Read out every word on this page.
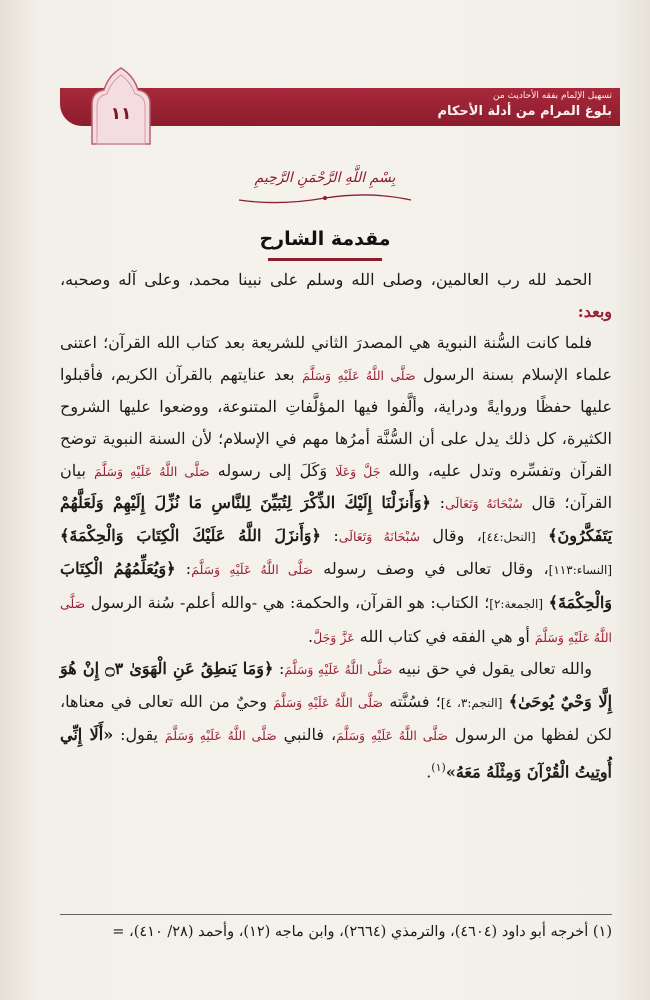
تسهيل الإلمام بفقه الأحاديث من
بلوغ المرام من أدلة الأحكام
١١
بِسْمِ اللَّهِ الرَّحْمَنِ الرَّحِيمِ
مقدمة الشارح

الحمد لله رب العالمين، وصلى الله وسلم على نبينا محمد، وعلى آله وصحبه، وبعد:

فلما كانت السُّنة النبوية هي المصدرَ الثاني للشريعة بعد كتاب الله القرآن؛ اعتنى علماء الإسلام بسنة الرسول صَلَّى اللَّهُ عَلَيْهِ وَسَلَّمَ بعد عنايتهم بالقرآن الكريم، فأقبلوا عليها حفظًا وروايةً ودراية، وألَّفوا فيها المؤلَّفاتِ المتنوعة، ووضعوا عليها الشروح الكثيرة، كل ذلك يدل على أن السُّنَّة أمرُها مهم في الإسلام؛ لأن السنة النبوية توضح القرآن وتفسِّره وتدل عليه، والله جَلَّ وَعَلَا وَكَلَ إلى رسوله صَلَّى اللَّهُ عَلَيْهِ وَسَلَّمَ بيان القرآن؛ قال سُبْحَانَهُ وَتَعَالَى: ﴿وَأَنزَلْنَا إِلَيْكَ الذِّكْرَ لِتُبَيِّنَ لِلنَّاسِ مَا نُزِّلَ إِلَيْهِمْ وَلَعَلَّهُمْ يَتَفَكَّرُونَ﴾ [النحل:٤٤]، وقال سُبْحَانَهُ وَتَعَالَى: ﴿وَأَنزَلَ اللَّهُ عَلَيْكَ الْكِتَابَ وَالْحِكْمَةَ﴾ [النساء:١١٣]، وقال تعالى في وصف رسوله صَلَّى اللَّهُ عَلَيْهِ وَسَلَّمَ: ﴿وَيُعَلِّمُهُمُ الْكِتَابَ وَالْحِكْمَةَ﴾ [الجمعة:٢]؛ الكتاب: هو القرآن، والحكمة: هي -والله أعلم- سُنة الرسول صَلَّى اللَّهُ عَلَيْهِ وَسَلَّمَ أو هي الفقه في كتاب الله عَزَّ وَجَلَّ.

والله تعالى يقول في حق نبيه صَلَّى اللَّهُ عَلَيْهِ وَسَلَّمَ: ﴿وَمَا يَنطِقُ عَنِ الْهَوَىٰ ۝٣ إِنْ هُوَ إِلَّا وَحْيٌ يُوحَىٰ﴾ [النجم:٣، ٤]؛ فسُنَّته صَلَّى اللَّهُ عَلَيْهِ وَسَلَّمَ وحيٌ من الله تعالى في معناها، لكن لفظها من الرسول صَلَّى اللَّهُ عَلَيْهِ وَسَلَّمَ، فالنبي صَلَّى اللَّهُ عَلَيْهِ وَسَلَّمَ يقول: «أَلَا إِنِّي أُوتِيتُ الْقُرْآنَ وَمِثْلَهُ مَعَهُ»$^{(١)}$.

(١) أخرجه أبو داود (٤٦٠٤)، والترمذي (٢٦٦٤)، وابن ماجه (١٢)، وأحمد (٢٨/ ٤١٠)، =
